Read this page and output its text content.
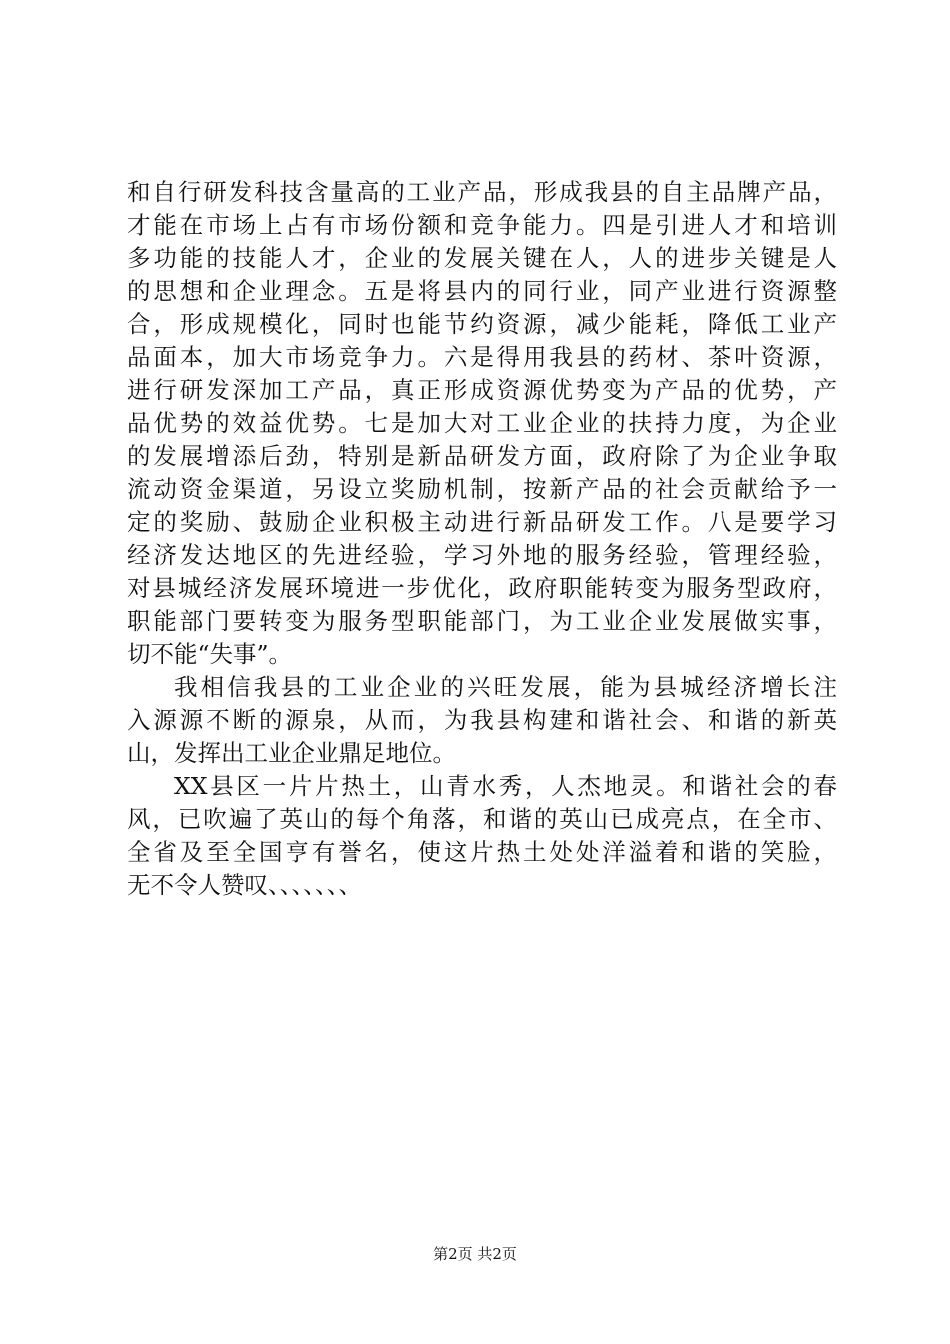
和自行研发科技含量高的工业产品，形成我县的自主品牌产品，
才能在市场上占有市场份额和竞争能力。四是引进人才和培训
多功能的技能人才，企业的发展关键在人，人的进步关键是人
的思想和企业理念。五是将县内的同行业，同产业进行资源整
合，形成规模化，同时也能节约资源，减少能耗，降低工业产
品面本，加大市场竞争力。六是得用我县的药材、茶叶资源，
进行研发深加工产品，真正形成资源优势变为产品的优势，产
品优势的效益优势。七是加大对工业企业的扶持力度，为企业
的发展增添后劲，特别是新品研发方面，政府除了为企业争取
流动资金渠道，另设立奖励机制，按新产品的社会贡献给予一
定的奖励、鼓励企业积极主动进行新品研发工作。八是要学习
经济发达地区的先进经验，学习外地的服务经验，管理经验，
对县城经济发展环境进一步优化，政府职能转变为服务型政府，
职能部门要转变为服务型职能部门，为工业企业发展做实事，
切不能“失事”。
我相信我县的工业企业的兴旺发展，能为县城经济增长注
入源源不断的源泉，从而，为我县构建和谐社会、和谐的新英
山，发挥出工业企业鼎足地位。
XX县区一片片热土，山青水秀，人杰地灵。和谐社会的春
风，已吹遍了英山的每个角落，和谐的英山已成亮点，在全市、
全省及至全国亨有誉名，使这片热土处处洋溢着和谐的笑脸，
无不令人赞叹、、、、、、、
第2页 共2页
